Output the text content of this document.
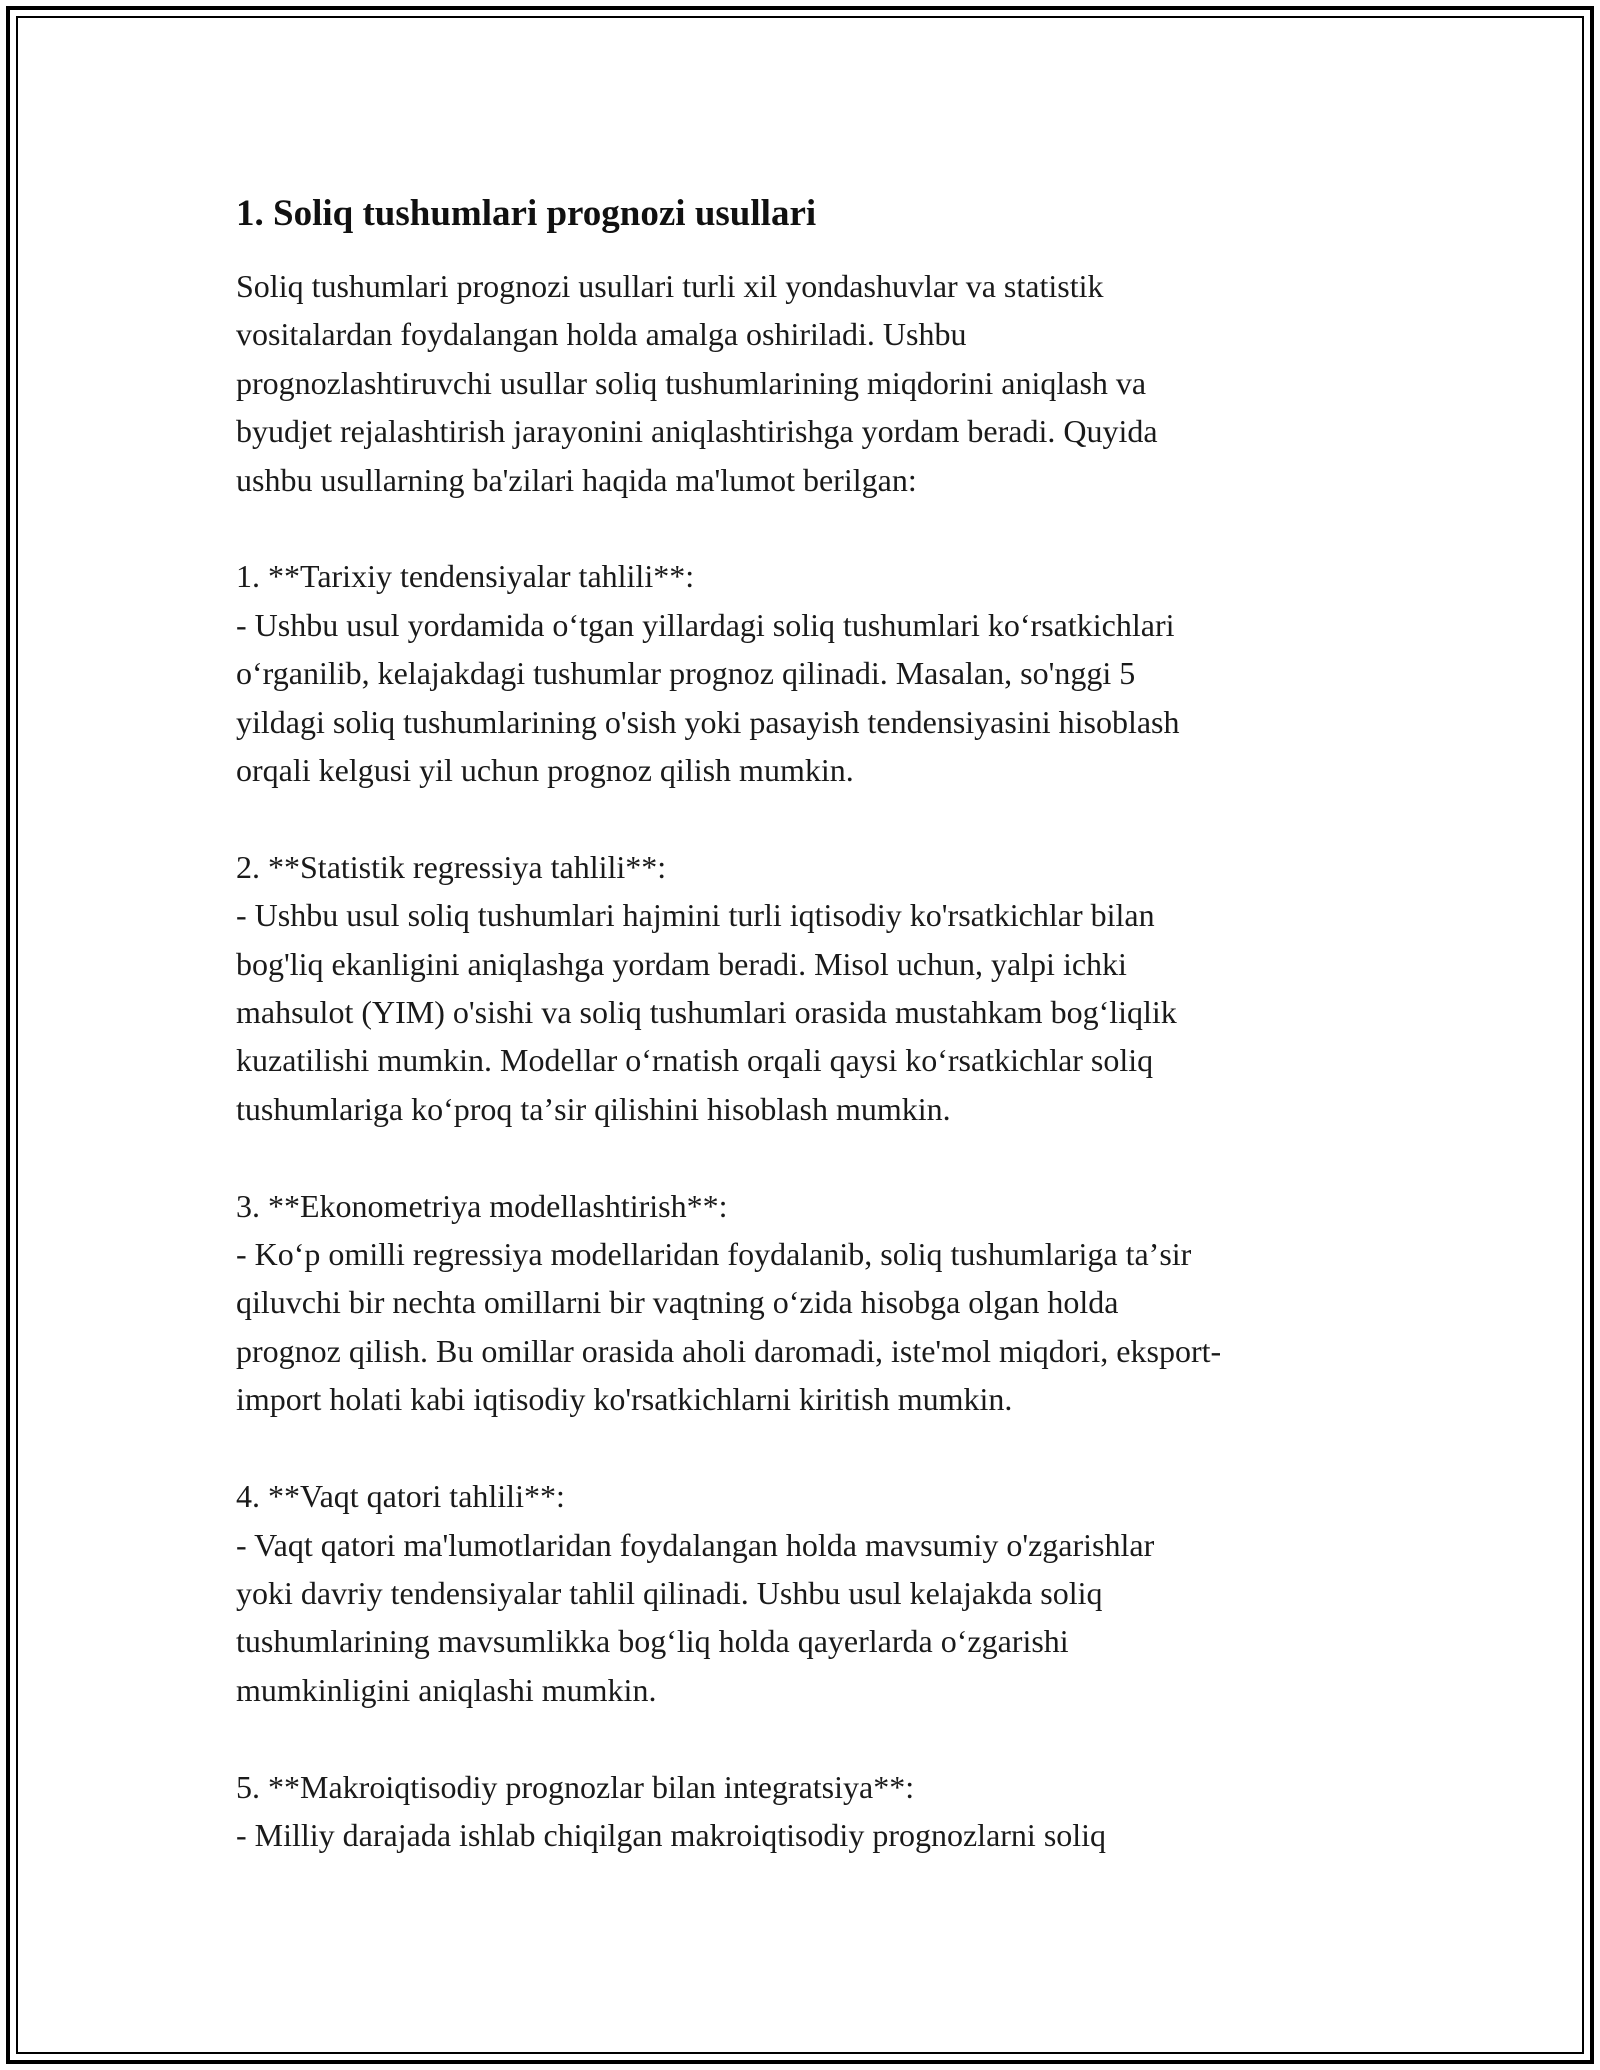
1. Soliq tushumlari prognozi usullari

Soliq tushumlari prognozi usullari turli xil yondashuvlar va statistik
vositalardan foydalangan holda amalga oshiriladi. Ushbu
prognozlashtiruvchi usullar soliq tushumlarining miqdorini aniqlash va
byudjet rejalashtirish jarayonini aniqlashtirishga yordam beradi. Quyida
ushbu usullarning ba'zilari haqida ma'lumot berilgan:

1. **Tarixiy tendensiyalar tahlili**:

- Ushbu usul yordamida oʻtgan yillardagi soliq tushumlari koʻrsatkichlari
oʻrganilib, kelajakdagi tushumlar prognoz qilinadi. Masalan, so'nggi 5
yildagi soliq tushumlarining o'sish yoki pasayish tendensiyasini hisoblash
orqali kelgusi yil uchun prognoz qilish mumkin.

2. **Statistik regressiya tahlili**:

- Ushbu usul soliq tushumlari hajmini turli iqtisodiy ko'rsatkichlar bilan
bog'liq ekanligini aniqlashga yordam beradi. Misol uchun, yalpi ichki
mahsulot (YIM) o'sishi va soliq tushumlari orasida mustahkam bogʻliqlik
kuzatilishi mumkin. Modellar oʻrnatish orqali qaysi koʻrsatkichlar soliq
tushumlariga koʻproq taʼsir qilishini hisoblash mumkin.

3. **Ekonometriya modellashtirish**:

- Koʻp omilli regressiya modellaridan foydalanib, soliq tushumlariga taʼsir
qiluvchi bir nechta omillarni bir vaqtning oʻzida hisobga olgan holda
prognoz qilish. Bu omillar orasida aholi daromadi, iste'mol miqdori, eksport-
import holati kabi iqtisodiy ko'rsatkichlarni kiritish mumkin.

4. **Vaqt qatori tahlili**:

- Vaqt qatori ma'lumotlaridan foydalangan holda mavsumiy o'zgarishlar
yoki davriy tendensiyalar tahlil qilinadi. Ushbu usul kelajakda soliq
tushumlarining mavsumlikka bogʻliq holda qayerlarda oʻzgarishi
mumkinligini aniqlashi mumkin.

5. **Makroiqtisodiy prognozlar bilan integratsiya**:

- Milliy darajada ishlab chiqilgan makroiqtisodiy prognozlarni soliq
